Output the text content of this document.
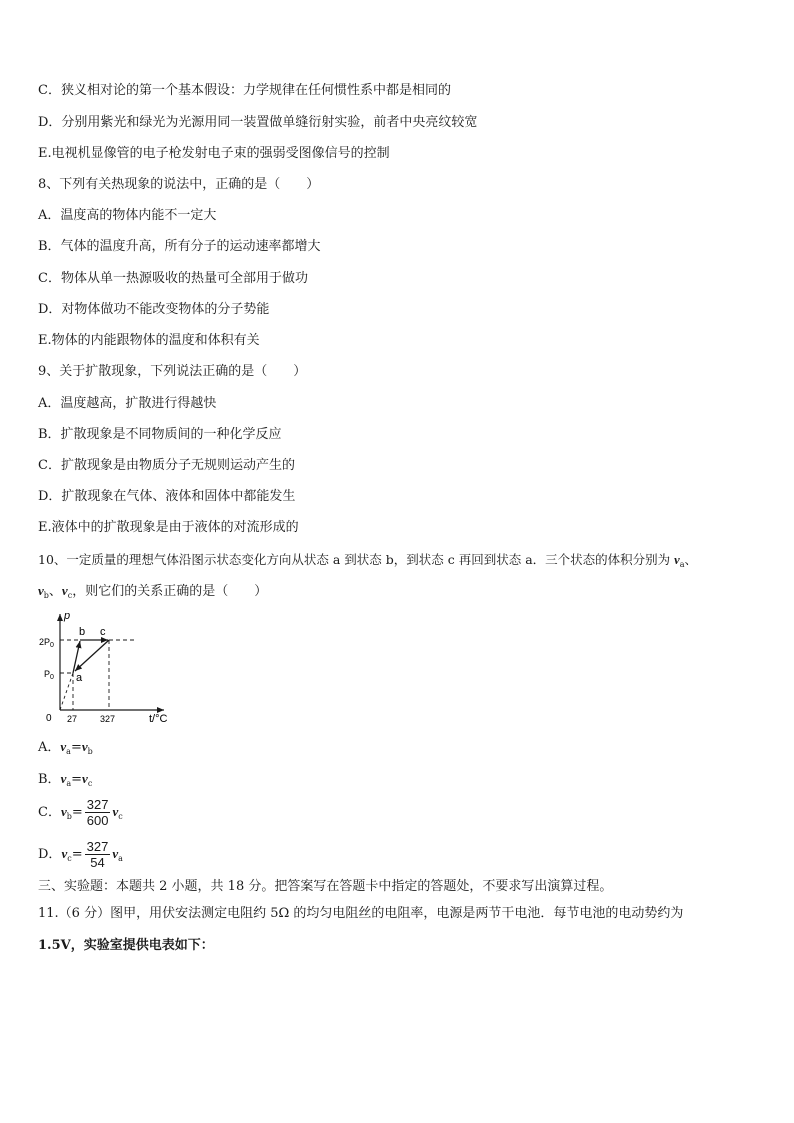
C．狭义相对论的第一个基本假设：力学规律在任何惯性系中都是相同的
D．分别用紫光和绿光为光源用同一装置做单缝衍射实验，前者中央亮纹较宽
E.电视机显像管的电子枪发射电子束的强弱受图像信号的控制
8、下列有关热现象的说法中，正确的是（　　）
A．温度高的物体内能不一定大
B．气体的温度升高，所有分子的运动速率都增大
C．物体从单一热源吸收的热量可全部用于做功
D．对物体做功不能改变物体的分子势能
E.物体的内能跟物体的温度和体积有关
9、关于扩散现象，下列说法正确的是（　　）
A．温度越高，扩散进行得越快
B．扩散现象是不同物质间的一种化学反应
C．扩散现象是由物质分子无规则运动产生的
D．扩散现象在气体、液体和固体中都能发生
E.液体中的扩散现象是由于液体的对流形成的
10、一定质量的理想气体沿图示状态变化方向从状态 a 到状态 b，到状态 c 再回到状态 a．三个状态的体积分别为 $v_a$、
$v_b$、$v_c$，则它们的关系正确的是（　　）
p
t/°C
0
$2P_0$
$P_0$
27	327
a
b c
A．$v_a=v_b$
B．$v_a=v_c$
C．$v_b= \frac{327}{600} v_c$
D．$v_c= \frac{327}{54} v_a$
三、实验题：本题共 2 小题，共 18 分。把答案写在答题卡中指定的答题处，不要求写出演算过程。
11.（6 分）图甲，用伏安法测定电阻约 5Ω 的均匀电阻丝的电阻率，电源是两节干电池．每节电池的电动势约为
1.5V，实验室提供电表如下：
